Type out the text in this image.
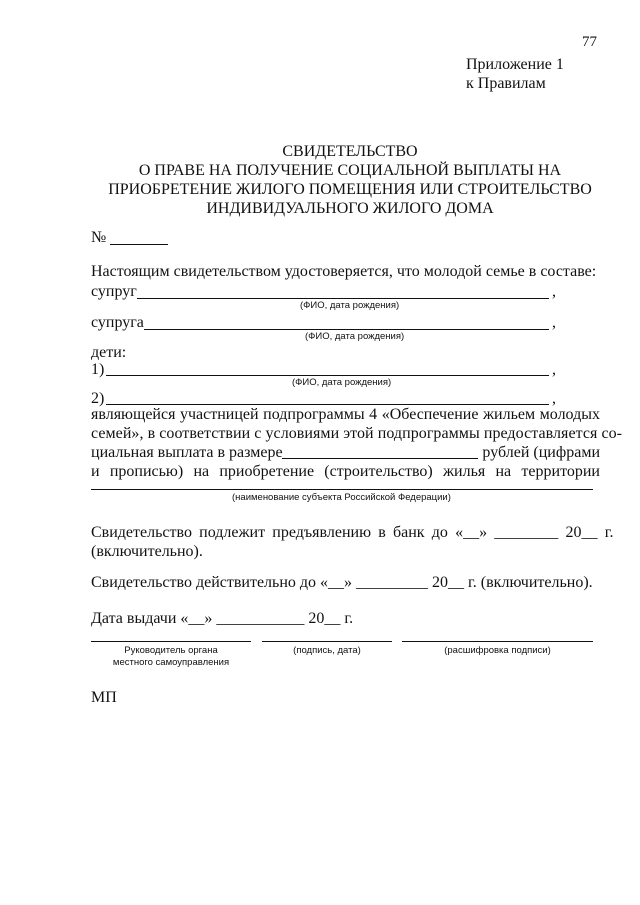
77
Приложение 1
к Правилам
СВИДЕТЕЛЬСТВО
О ПРАВЕ НА ПОЛУЧЕНИЕ СОЦИАЛЬНОЙ ВЫПЛАТЫ НА
ПРИОБРЕТЕНИЕ ЖИЛОГО ПОМЕЩЕНИЯ ИЛИ СТРОИТЕЛЬСТВО
ИНДИВИДУАЛЬНОГО ЖИЛОГО ДОМА
№
Настоящим свидетельством удостоверяется, что молодой семье в составе:
супруг	,
(ФИО, дата рождения)
супруга	,
(ФИО, дата рождения)
дети:
1)	,
(ФИО, дата рождения)
2)	,
являющейся участницей подпрограммы 4 «Обеспечение жильем молодых
семей», в соответствии с условиями этой подпрограммы предоставляется со-
циальная выплата в размере	рублей (цифрами
и прописью) на приобретение (строительство) жилья на территории
(наименование субъекта Российской Федерации)
Свидетельство подлежит предъявлению в банк до «__» ________ 20__ г.
(включительно).
Свидетельство действительно до «__» _________ 20__ г. (включительно).
Дата выдачи «__» ___________ 20__ г.
Руководитель органа
местного самоуправления
(подпись, дата)	(расшифровка подписи)
МП
